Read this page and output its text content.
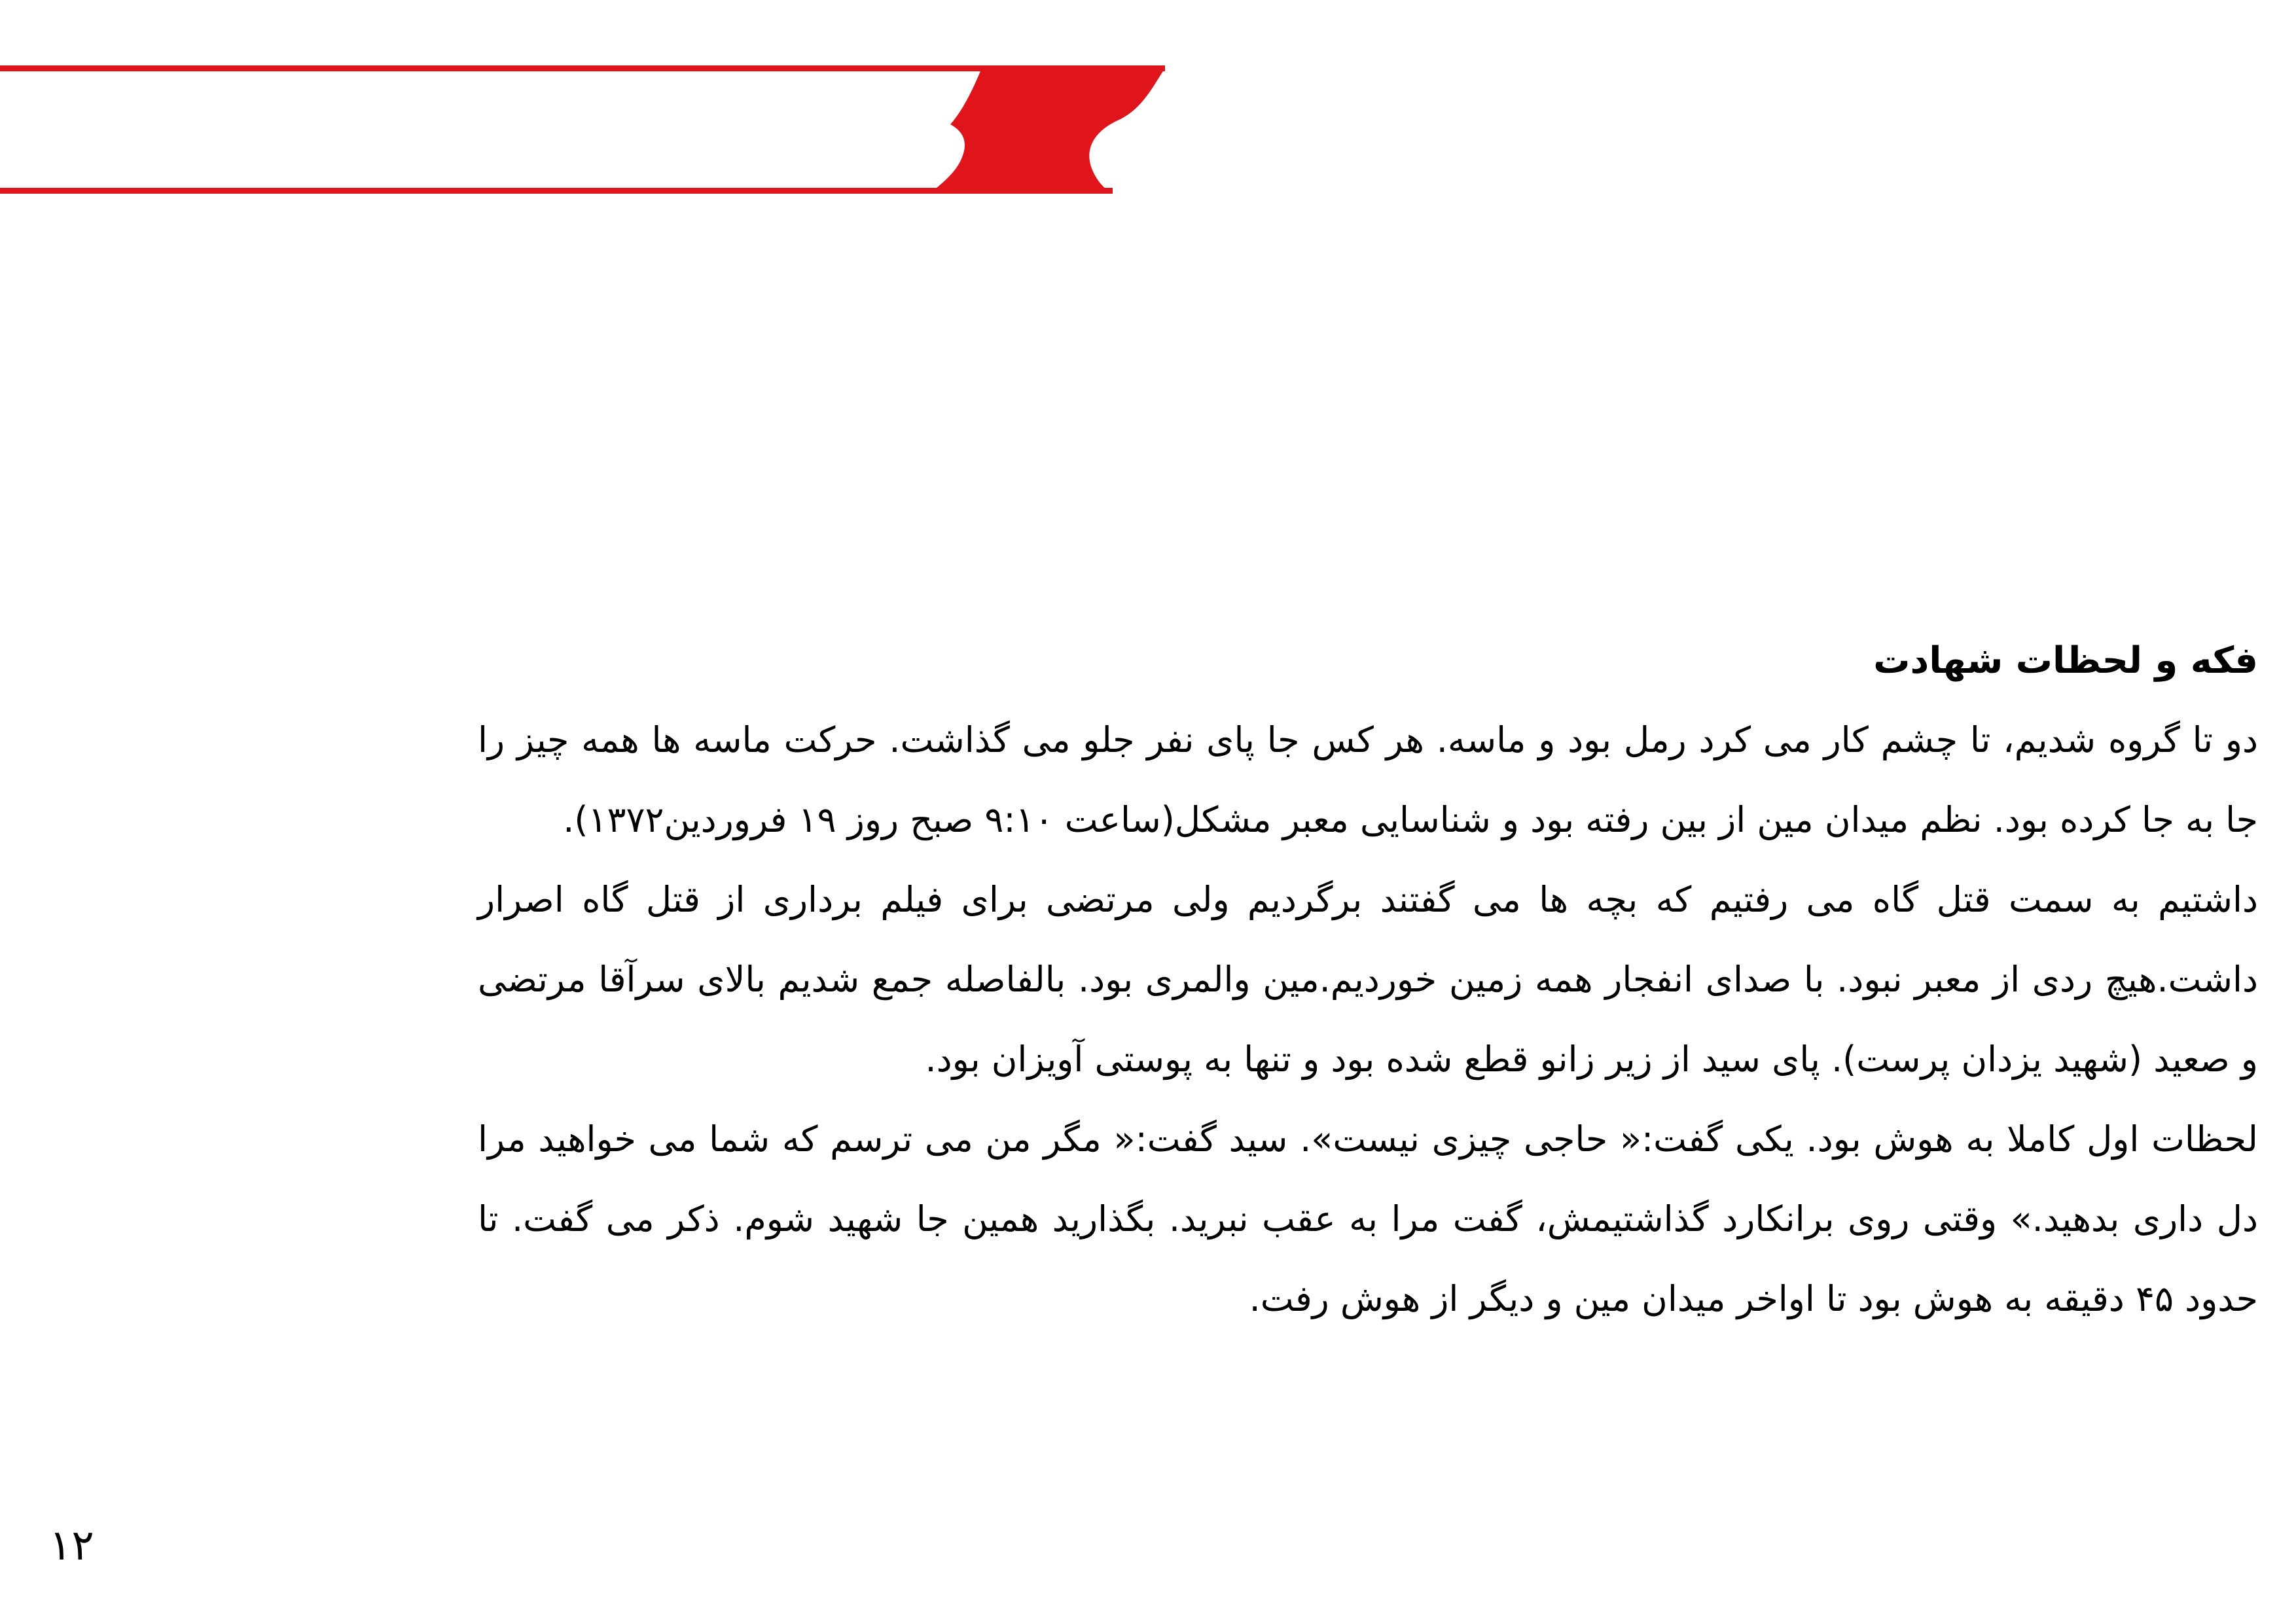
فکه و لحظات شهادت

دو تا گروه شدیم، تا چشم کار می کرد رمل بود و ماسه. هر کس جا پای نفر جلو می گذاشت. حرکت ماسه ها همه چیز را جا به جا کرده بود. نظم میدان مین از بین رفته بود و شناسایی معبر مشکل(ساعت ۹:۱۰ صبح روز ۱۹ فروردین۱۳۷۲).

داشتیم به سمت قتل گاه می رفتیم که بچه ها می گفتند برگردیم ولی مرتضی برای فیلم برداری از قتل گاه اصرار داشت.هیچ ردی از معبر نبود. با صدای انفجار همه زمین خوردیم.مین والمری بود. بالفاصله جمع شدیم بالای سرآقا مرتضی و صعید (شهید یزدان پرست). پای سید از زیر زانو قطع شده بود و تنها به پوستی آویزان بود.

لحظات اول کاملا به هوش بود. یکی گفت:« حاجی چیزی نیست». سید گفت:« مگر من می ترسم که شما می خواهید مرا دل داری بدهید.» وقتی روی برانکارد گذاشتیمش، گفت مرا به عقب نبرید. بگذارید همین جا شهید شوم. ذکر می گفت. تا حدود ۴۵ دقیقه به هوش بود تا اواخر میدان مین و دیگر از هوش رفت.

۱۲
